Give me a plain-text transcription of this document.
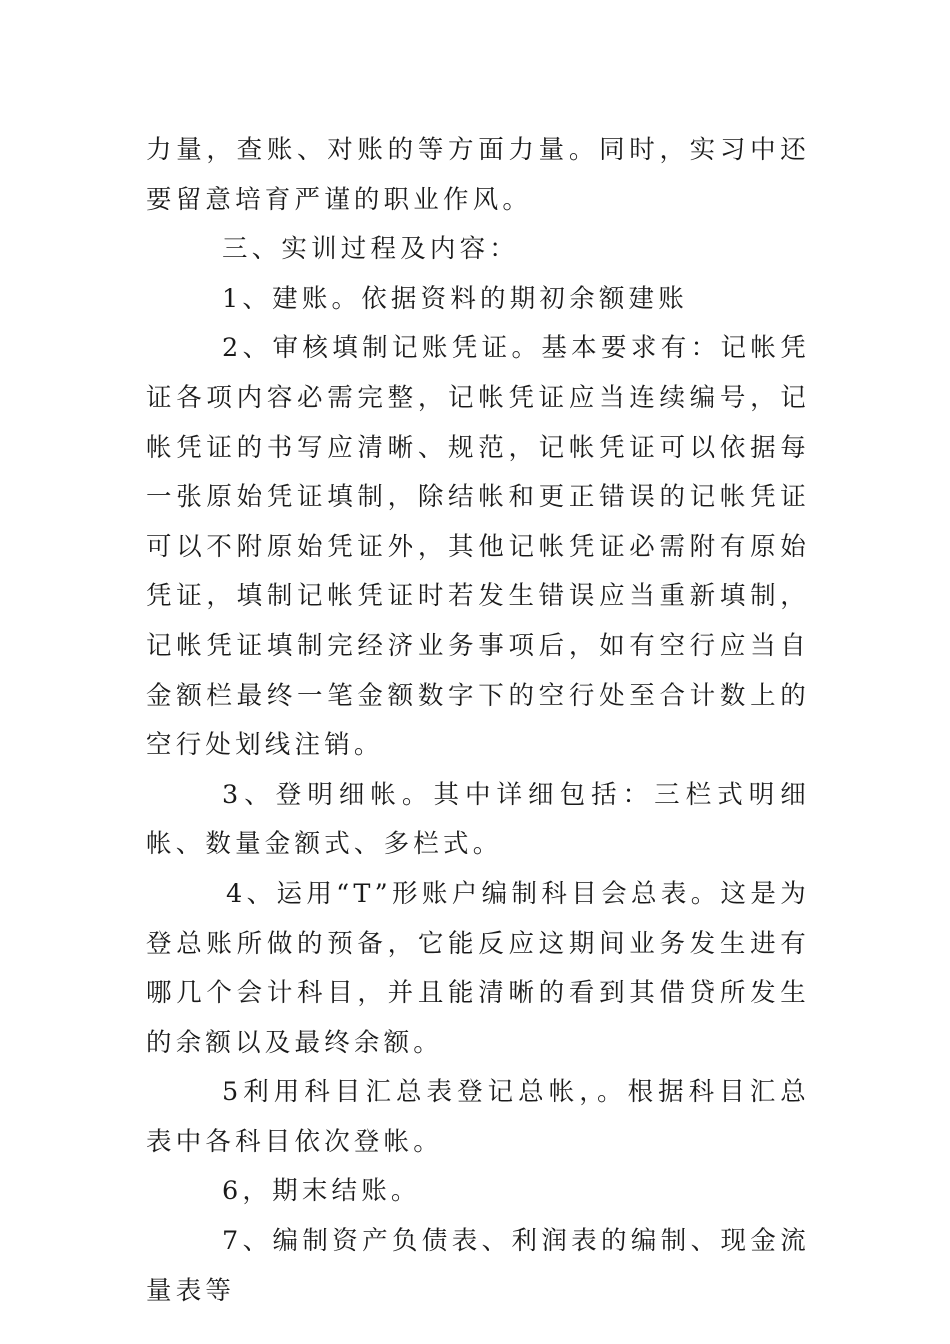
力量，查账、对账的等方面力量。同时，实习中还要留意培育严谨的职业作风。

三、实训过程及内容：

1、建账。依据资料的期初余额建账

2、审核填制记账凭证。基本要求有：记帐凭证各项内容必需完整，记帐凭证应当连续编号，记帐凭证的书写应清晰、规范，记帐凭证可以依据每一张原始凭证填制，除结帐和更正错误的记帐凭证可以不附原始凭证外，其他记帐凭证必需附有原始凭证，填制记帐凭证时若发生错误应当重新填制，记帐凭证填制完经济业务事项后，如有空行应当自金额栏最终一笔金额数字下的空行处至合计数上的空行处划线注销。

3、登明细帐。其中详细包括：三栏式明细帐、数量金额式、多栏式。

4、运用“T”形账户编制科目会总表。这是为登总账所做的预备，它能反应这期间业务发生进有哪几个会计科目，并且能清晰的看到其借贷所发生的余额以及最终余额。

5利用科目汇总表登记总帐，。根据科目汇总表中各科目依次登帐。

6，期末结账。

7、编制资产负债表、利润表的编制、现金流量表等
